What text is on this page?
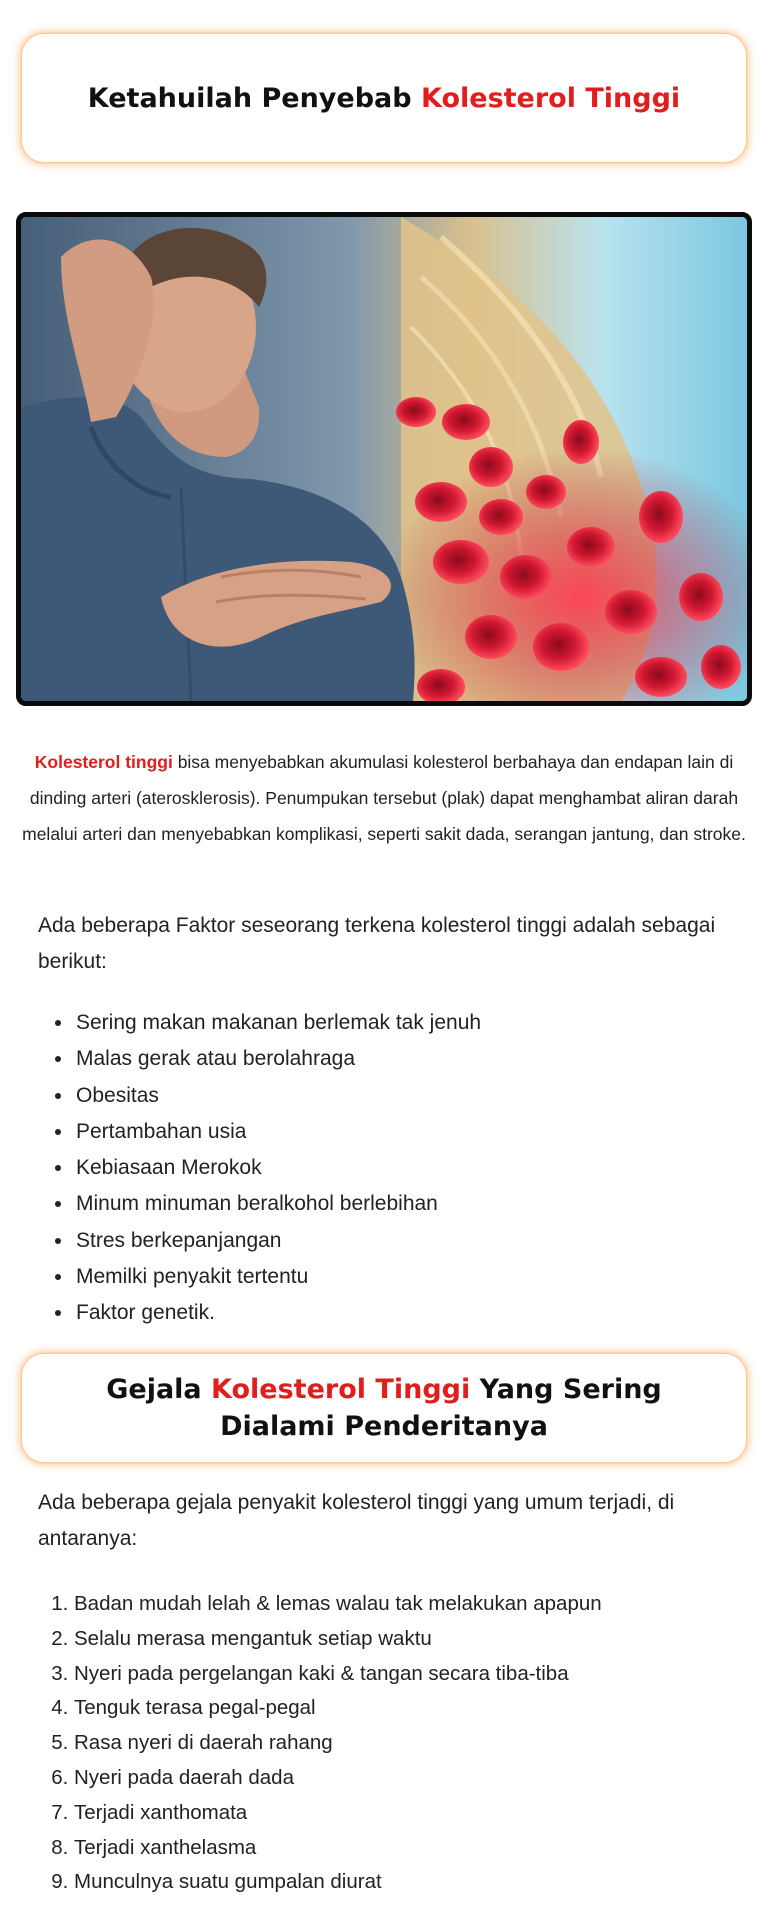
Ketahuilah Penyebab Kolesterol Tinggi
Kolesterol tinggi bisa menyebabkan akumulasi kolesterol berbahaya dan endapan lain di dinding arteri (aterosklerosis). Penumpukan tersebut (plak) dapat menghambat aliran darah melalui arteri dan menyebabkan komplikasi, seperti sakit dada, serangan jantung, dan stroke.
Ada beberapa Faktor seseorang terkena kolesterol tinggi adalah sebagai berikut:
• Sering makan makanan berlemak tak jenuh
• Malas gerak atau berolahraga
• Obesitas
• Pertambahan usia
• Kebiasaan Merokok
• Minum minuman beralkohol berlebihan
• Stres berkepanjangan
• Memilki penyakit tertentu
• Faktor genetik.
Gejala Kolesterol Tinggi Yang Sering Dialami Penderitanya
Ada beberapa gejala penyakit kolesterol tinggi yang umum terjadi, di antaranya:
1. Badan mudah lelah & lemas walau tak melakukan apapun
2. Selalu merasa mengantuk setiap waktu
3. Nyeri pada pergelangan kaki & tangan secara tiba-tiba
4. Tenguk terasa pegal-pegal
5. Rasa nyeri di daerah rahang
6. Nyeri pada daerah dada
7. Terjadi xanthomata
8. Terjadi xanthelasma
9. Munculnya suatu gumpalan diurat
